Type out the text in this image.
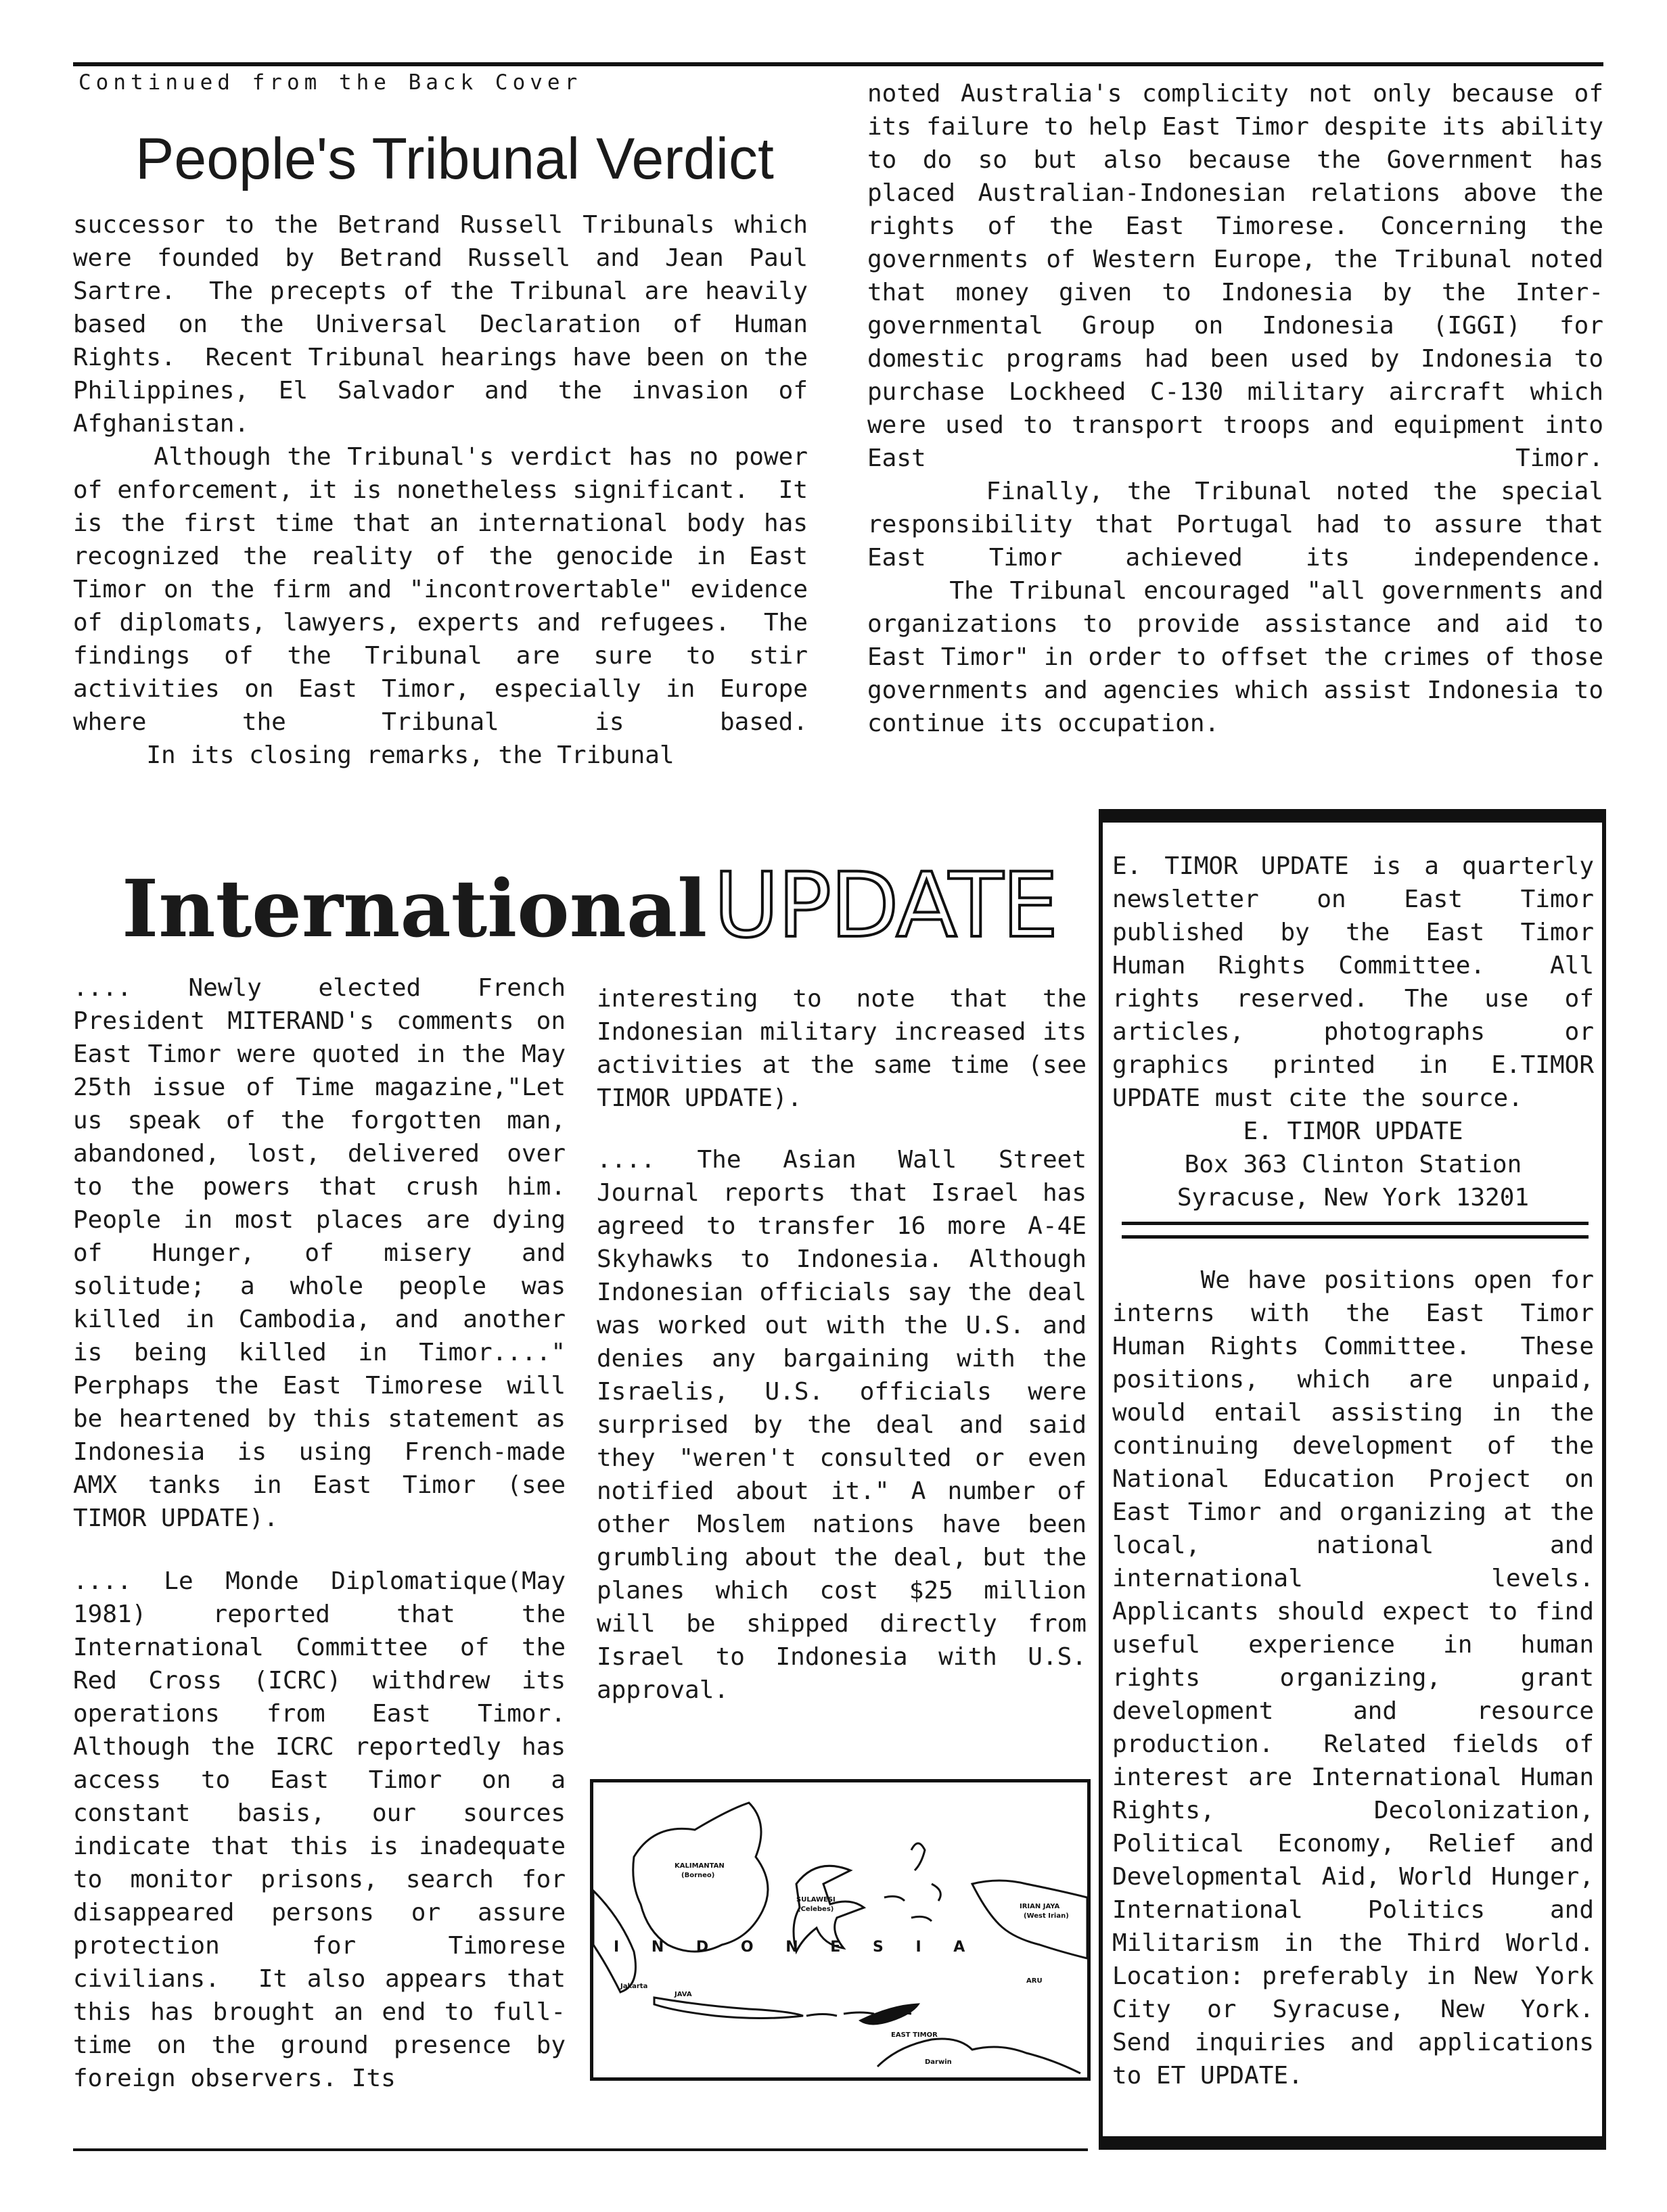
Continued from the Back Cover
People's Tribunal Verdict

successor to the Betrand Russell Tribunals which were founded by Betrand Russell and Jean Paul Sartre.  The precepts of the Tribunal are heavily based on the Universal Declaration of Human Rights.  Recent Tribunal hearings have been on the Philippines, El Salvador and the invasion of Afghanistan.

Although the Tribunal's verdict has no power of enforcement, it is nonetheless significant.  It is the first time that an international body has recognized the reality of the genocide in East Timor on the firm and "incontrovertable" evidence of diplomats, lawyers, experts and refugees.  The findings of the Tribunal are sure to stir activities on East Timor, especially in Europe where the Tribunal is based.

In its closing remarks, the Tribunal

noted Australia's complicity not only because of its failure to help East Timor despite its ability to do so but also because the Government has placed Australian-Indonesian relations above the rights of the East Timorese. Concerning the governments of Western Europe, the Tribunal noted that money given to Indonesia by the Inter-governmental Group on Indonesia (IGGI) for domestic programs had been used by Indonesia to purchase Lockheed C-130 military aircraft which were used to transport troops and equipment into East Timor.

Finally, the Tribunal noted the special responsibility that Portugal had to assure that East Timor achieved its independence.

The Tribunal encouraged "all governments and organizations to provide assistance and aid to East Timor" in order to offset the crimes of those governments and agencies which assist Indonesia to continue its occupation.

International UPDATE

.... Newly elected French President MITERAND's comments on East Timor were quoted in the May 25th issue of Time magazine,"Let us speak of the forgotten man, abandoned, lost, delivered over to the powers that crush him. People in most places are dying of Hunger, of misery and solitude; a whole people was killed in Cambodia, and another is being killed in Timor...."  Perphaps the East Timorese will be heartened by this statement as Indonesia is using French-made AMX tanks in East Timor (see TIMOR UPDATE).

.... Le Monde Diplomatique(May 1981) reported that the International Committee of the Red Cross (ICRC) withdrew its operations from East Timor. Although the ICRC reportedly has access to East Timor on a constant basis, our sources indicate that this is inadequate to monitor prisons, search for disappeared persons or assure protection for Timorese civilians.  It also appears that this has brought an end to full-time on the ground presence by foreign observers. Its

interesting to note that the Indonesian military increased its activities at the same time (see TIMOR UPDATE).

.... The Asian Wall Street Journal reports that Israel has agreed to transfer 16 more A-4E Skyhawks to Indonesia. Although Indonesian officials say the deal was worked out with the U.S. and denies any bargaining with the Israelis, U.S. officials were surprised by the deal and said they "weren't consulted or even notified about it." A number of other Moslem nations have been grumbling about the deal, but the planes which cost $25 million will be shipped directly from Israel to Indonesia with U.S. approval.

KALIMANTAN
(Borneo)
SULAWESI
(Celebes)	IRIAN JAYA
(West Irian)
Jakarta
JAVA
ARU
EAST TIMOR
Darwin
I N D O N E S I A

E. TIMOR UPDATE is a quarterly newsletter on East Timor published by the East Timor Human Rights Committee.  All rights reserved. The use of articles, photographs or graphics printed in E.TIMOR UPDATE must cite the source.

E. TIMOR UPDATE

Box 363 Clinton Station

Syracuse, New York 13201

We have positions open for interns with the East Timor Human Rights Committee.  These positions, which are unpaid, would entail assisting in the continuing development of the National Education Project on East Timor and organizing at the local, national and international levels.  Applicants should expect to find useful experience in human rights organizing, grant development and resource production.  Related fields of interest are International Human Rights, Decolonization, Political Economy, Relief and Developmental Aid, World Hunger, International Politics and Militarism in the Third World.  Location: preferably in New York City or Syracuse, New York.  Send inquiries and applications to ET UPDATE.
